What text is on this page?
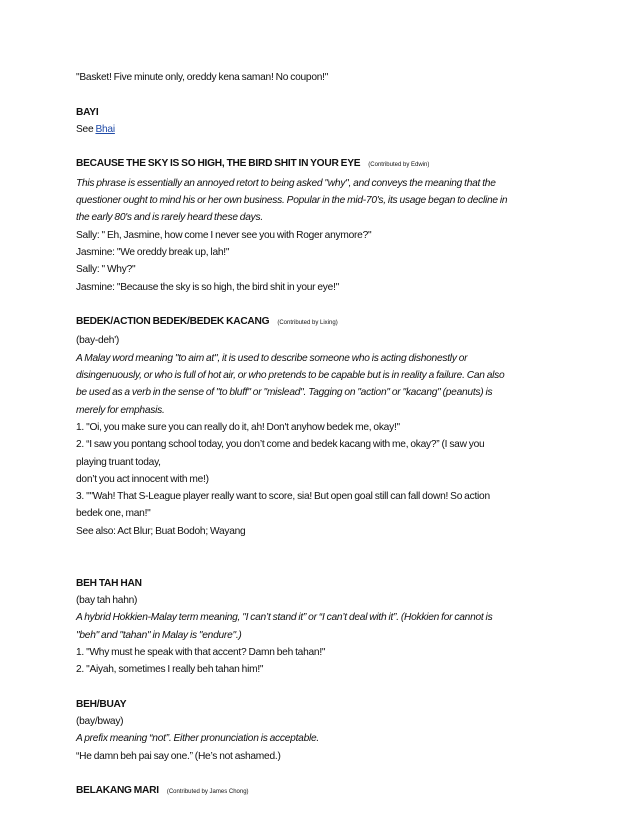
"Basket! Five minute only, oreddy kena saman! No coupon!"
BAYI
See Bhai
BECAUSE THE SKY IS SO HIGH, THE BIRD SHIT IN YOUR EYE (Contributed by Edwin)
This phrase is essentially an annoyed retort to being asked "why", and conveys the meaning that the
questioner ought to mind his or her own business. Popular in the mid-70's, its usage began to decline in
the early 80's and is rarely heard these days.
Sally: " Eh, Jasmine, how come I never see you with Roger anymore?"
Jasmine: "We oreddy break up, lah!"
Sally: " Why?"
Jasmine: "Because the sky is so high, the bird shit in your eye!"
BEDEK/ACTION BEDEK/BEDEK KACANG (Contributed by Lixing)
(bay-deh')
A Malay word meaning "to aim at", it is used to describe someone who is acting dishonestly or
disingenuously, or who is full of hot air, or who pretends to be capable but is in reality a failure. Can also
be used as a verb in the sense of "to bluff" or "mislead". Tagging on "action" or "kacang" (peanuts) is
merely for emphasis.
1. "Oi, you make sure you can really do it, ah! Don't anyhow bedek me, okay!"
2. “I saw you pontang school today, you don’t come and bedek kacang with me, okay?” (I saw you
playing truant today,
don’t you act innocent with me!)
3. ""Wah! That S-League player really want to score, sia! But open goal still can fall down! So action
bedek one, man!"
See also: Act Blur; Buat Bodoh; Wayang
BEH TAH HAN
(bay tah hahn)
A hybrid Hokkien-Malay term meaning, "I can’t stand it” or “I can’t deal with it”. (Hokkien for cannot is
"beh" and "tahan" in Malay is "endure".)
1. "Why must he speak with that accent? Damn beh tahan!"
2. "Aiyah, sometimes I really beh tahan him!"
BEH/BUAY
(bay/bway)
A prefix meaning “not”. Either pronunciation is acceptable.
“He damn beh pai say one.” (He’s not ashamed.)
BELAKANG MARI (Contributed by James Chong)
